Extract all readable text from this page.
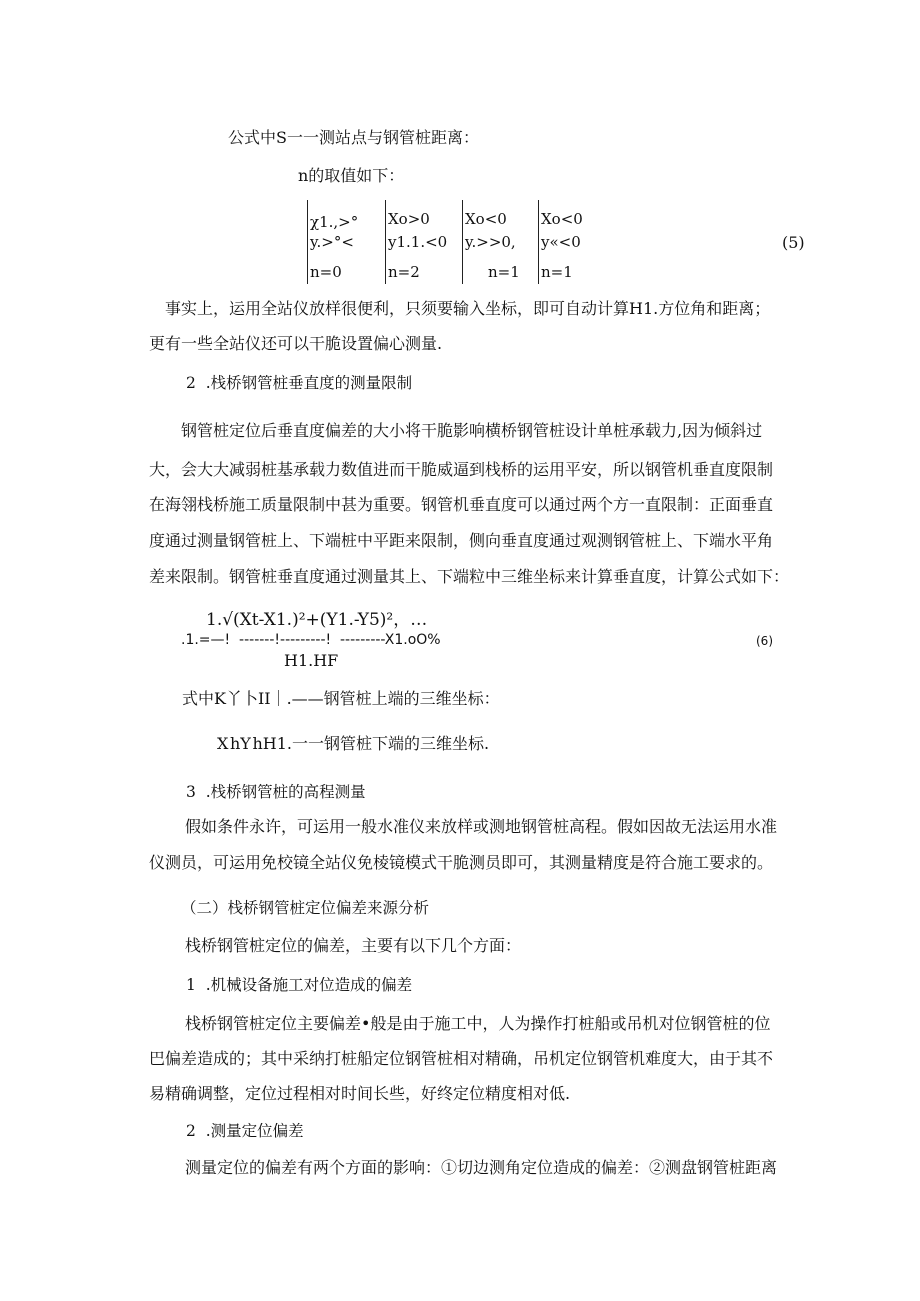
公式中S一一测站点与钢管桩距离：
n的取值如下：
χ1.,>°
y.>°<
n=0
Xo>0
y1.1.<0
n=2
Xo<0
y.>>0,
n=1
Xo<0
y«<0
n=1
(5)
事实上，运用全站仪放样很便利，只须要输入坐标，即可自动计算H1.方位角和距离；
更有一些全站仪还可以干脆设置偏心测量.
2  .栈桥钢管桩垂直度的测量限制
钢管桩定位后垂直度偏差的大小将干脆影响横桥钢管桩设计单桩承载力,因为倾斜过
大，会大大减弱桩基承载力数值进而干脆威逼到栈桥的运用平安，所以钢管机垂直度限制
在海翎栈桥施工质量限制中甚为重要。钢管机垂直度可以通过两个方一直限制：正面垂直
度通过测量钢管桩上、下端桩中平距来限制，侧向垂直度通过观测钢管桩上、下端水平角
差来限制。钢管桩垂直度通过测量其上、下端粒中三维坐标来计算垂直度，计算公式如下：
1.√(Xt-X1.)²+(Y1.-Y5)²，…
.1.=—!  -------!---------!  ---------X1.oO%
H1.HF
(6)
式中K丫卜II｜.——钢管桩上端的三维坐标：
X hY hH1.一一钢管桩下端的三维坐标.
3  .栈桥钢管桩的高程测量
假如条件永许，可运用一般水准仪来放样或测地钢管桩高程。假如因故无法运用水准
仪测员，可运用免校镜全站仪免棱镜模式干脆测员即可，其测量精度是符合施工要求的。
（二）栈桥钢管桩定位偏差来源分析
栈桥钢管桩定位的偏差，主要有以下几个方面：
1  .机械设备施工对位造成的偏差
栈桥钢管桩定位主要偏差•般是由于施工中，人为操作打桩船或吊机对位钢管桩的位
巴偏差造成的；其中采纳打桩船定位钢管桩相对精确，吊机定位钢管机难度大，由于其不
易精确调整，定位过程相对时间长些，好终定位精度相对低.
2  .测量定位偏差
测量定位的偏差有两个方面的影响：①切边测角定位造成的偏差：②测盘钢管桩距离
